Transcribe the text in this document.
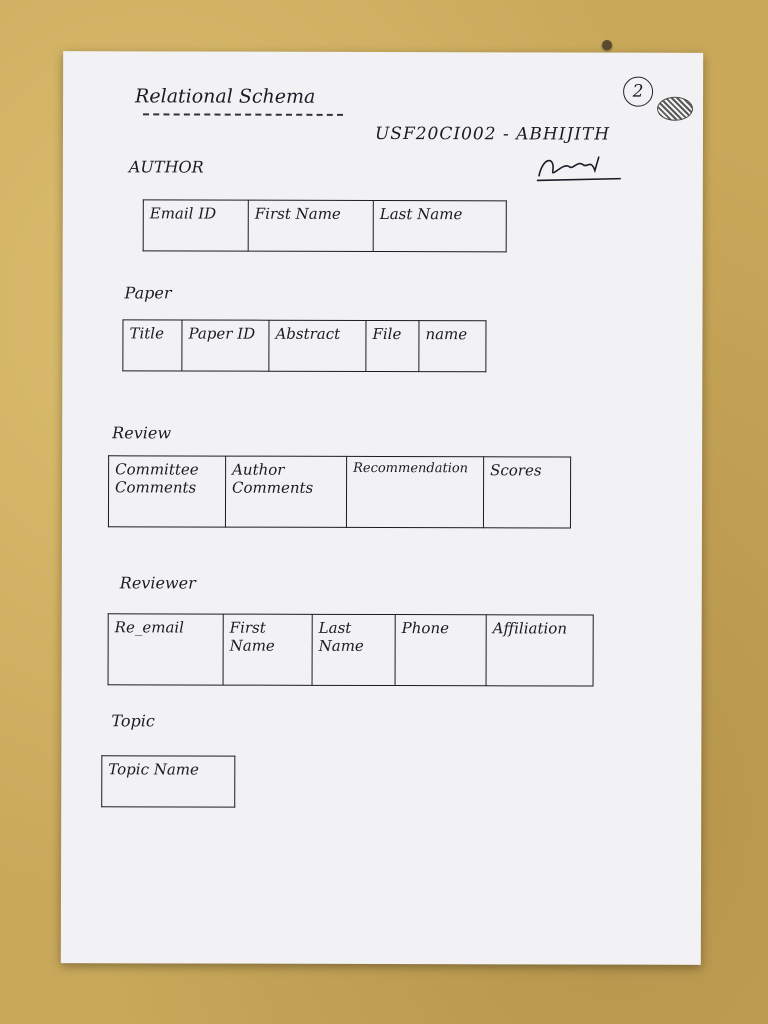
Relational Schema	2
USF20CI002 - ABHIJITH
AUTHOR
Email ID	First Name	Last Name
Paper
Title	Paper ID	Abstract	File	name
Review
Committee Comments	Author Comments	Recommendation	Scores
Reviewer
Re_email	First Name	Last Name	Phone	Affiliation
Topic
Topic Name
